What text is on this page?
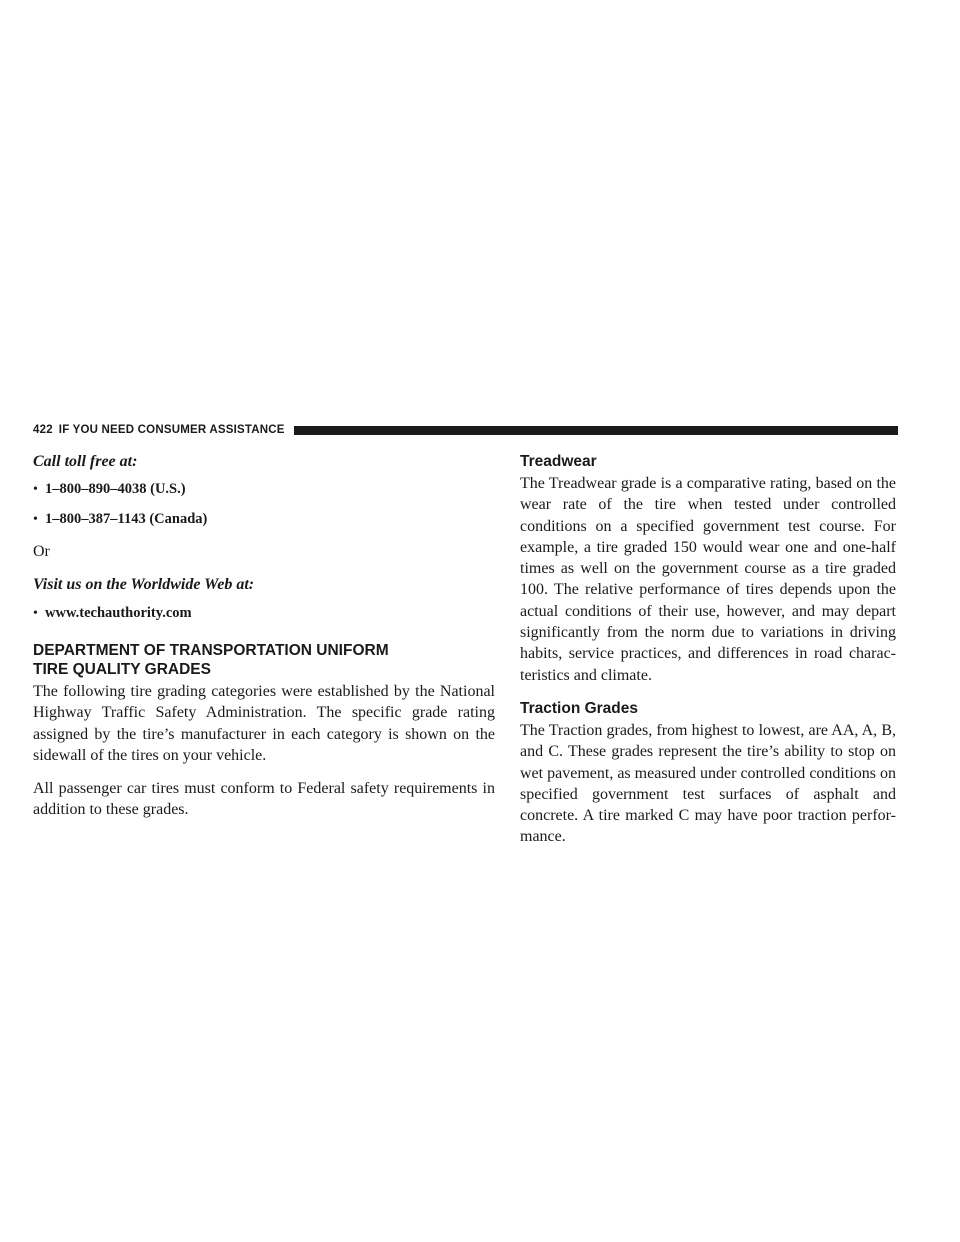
422 IF YOU NEED CONSUMER ASSISTANCE

Call toll free at:

• 1–800–890–4038 (U.S.)
• 1–800–387–1143 (Canada)

Or

Visit us on the Worldwide Web at:

• www.techauthority.com

DEPARTMENT OF TRANSPORTATION UNIFORM

TIRE QUALITY GRADES

The following tire grading categories were established by the National Highway Traffic Safety Administration. The specific grade rating assigned by the tire’s manufacturer in each category is shown on the sidewall of the tires on your vehicle.

All passenger car tires must conform to Federal safety requirements in addition to these grades.

Treadwear

The Treadwear grade is a comparative rating, based on the wear rate of the tire when tested under controlled conditions on a specified government test course. For example, a tire graded 150 would wear one and one-half times as well on the government course as a tire graded 100. The relative performance of tires depends upon the actual conditions of their use, however, and may depart significantly from the norm due to variations in driving habits, service practices, and differences in road charac-teristics and climate.

Traction Grades

The Traction grades, from highest to lowest, are AA, A, B, and C. These grades represent the tire’s ability to stop on wet pavement, as measured under controlled conditions on specified government test surfaces of asphalt and concrete. A tire marked C may have poor traction perfor-mance.
